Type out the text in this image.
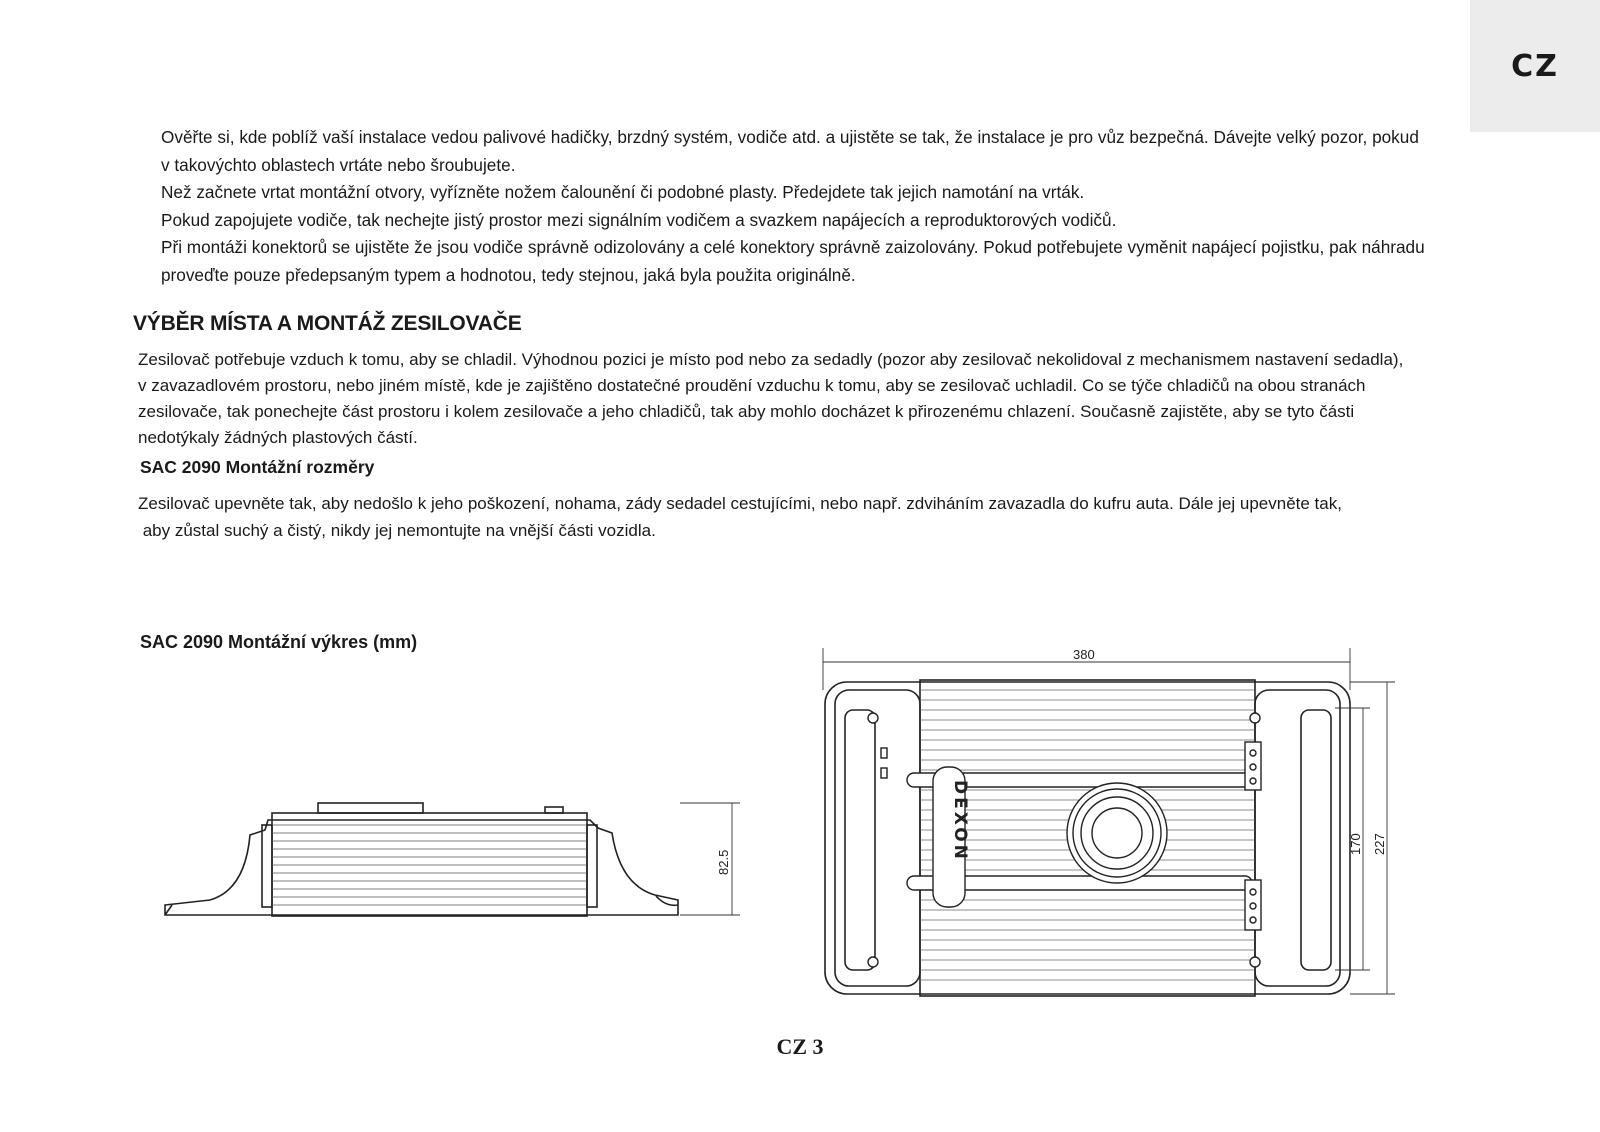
CZ

Ověřte si, kde poblíž vaší instalace vedou palivové hadičky, brzdný systém, vodiče atd. a ujistěte se tak, že instalace je pro vůz bezpečná. Dávejte velký pozor, pokud
v takovýchto oblastech vrtáte nebo šroubujete.
Než začnete vrtat montážní otvory, vyřízněte nožem čalounění či podobné plasty. Předejdete tak jejich namotání na vrták.
Pokud zapojujete vodiče, tak nechejte jistý prostor mezi signálním vodičem a svazkem napájecích a reproduktorových vodičů.
Při montáži konektorů se ujistěte že jsou vodiče správně odizolovány a celé konektory správně zaizolovány. Pokud potřebujete vyměnit napájecí pojistku, pak náhradu
proveďte pouze předepsaným typem a hodnotou, tedy stejnou, jaká byla použita originálně.

VÝBĚR MÍSTA A MONTÁŽ ZESILOVAČE

Zesilovač potřebuje vzduch k tomu, aby se chladil. Výhodnou pozici je místo pod nebo za sedadly (pozor aby zesilovač nekolidoval z mechanismem nastavení sedadla),
v zavazadlovém prostoru, nebo jiném místě, kde je zajištěno dostatečné proudění vzduchu k tomu, aby se zesilovač uchladil. Co se týče chladičů na obou stranách
zesilovače, tak ponechejte část prostoru i kolem zesilovače a jeho chladičů, tak aby mohlo docházet k přirozenému chlazení. Současně zajistěte, aby se tyto části
nedotýkaly žádných plastových částí.

SAC 2090 Montážní rozměry

Zesilovač upevněte tak, aby nedošlo k jeho poškození, nohama, zády sedadel cestujícími, nebo např. zdviháním zavazadla do kufru auta. Dále jej upevněte tak,
aby zůstal suchý a čistý, nikdy jej nemontujte na vnější části vozidla.

SAC 2090 Montážní výkres (mm)
82.5
380
DEXON	170 227
CZ 3
